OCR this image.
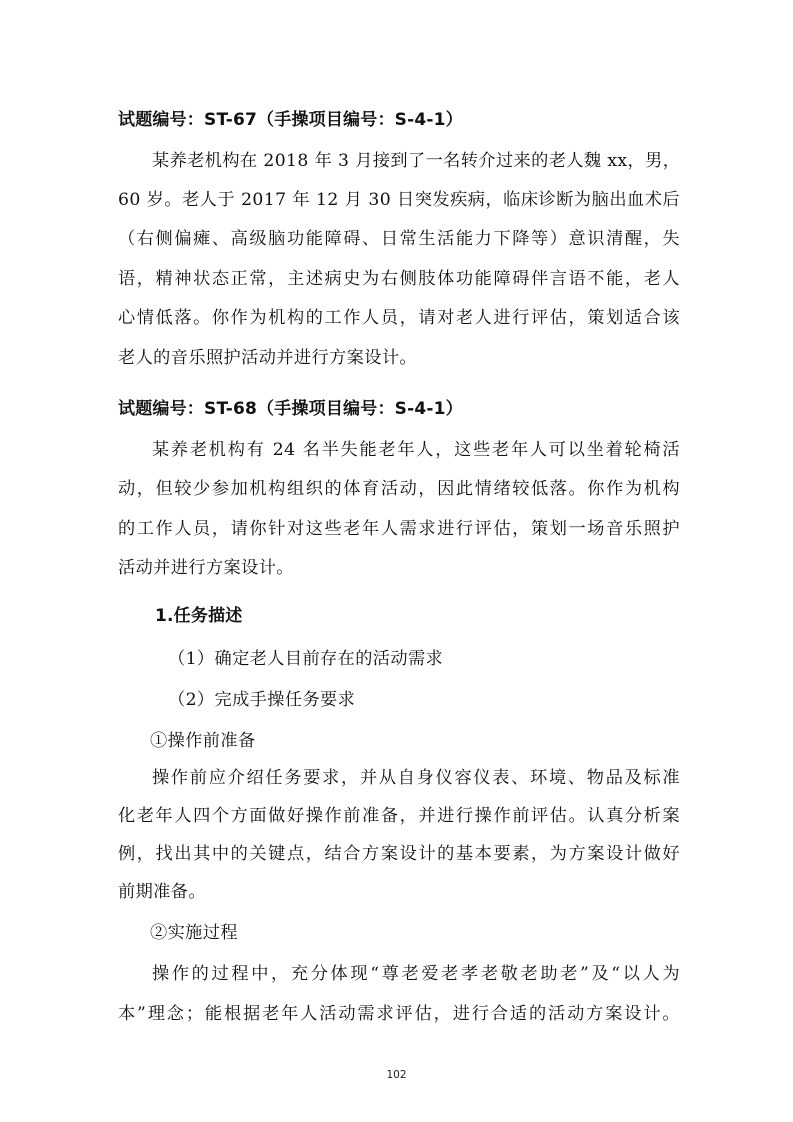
试题编号：ST-67（手操项目编号：S-4-1）
某养老机构在 2018 年 3 月接到了一名转介过来的老人魏 xx，男，
60 岁。老人于 2017 年 12 月 30 日突发疾病，临床诊断为脑出血术后
（右侧偏瘫、高级脑功能障碍、日常生活能力下降等）意识清醒，失
语，精神状态正常，主述病史为右侧肢体功能障碍伴言语不能，老人
心情低落。你作为机构的工作人员，请对老人进行评估，策划适合该
老人的音乐照护活动并进行方案设计。
试题编号：ST-68（手操项目编号：S-4-1）
某养老机构有 24 名半失能老年人，这些老年人可以坐着轮椅活
动，但较少参加机构组织的体育活动，因此情绪较低落。你作为机构
的工作人员，请你针对这些老年人需求进行评估，策划一场音乐照护
活动并进行方案设计。
1.任务描述
（1）确定老人目前存在的活动需求
（2）完成手操任务要求
①操作前准备
操作前应介绍任务要求，并从自身仪容仪表、环境、物品及标准
化老年人四个方面做好操作前准备，并进行操作前评估。认真分析案
例，找出其中的关键点，结合方案设计的基本要素，为方案设计做好
前期准备。
②实施过程
操作的过程中，充分体现“尊老爱老孝老敬老助老”及“以人为
本”理念；能根据老年人活动需求评估，进行合适的活动方案设计。
102
